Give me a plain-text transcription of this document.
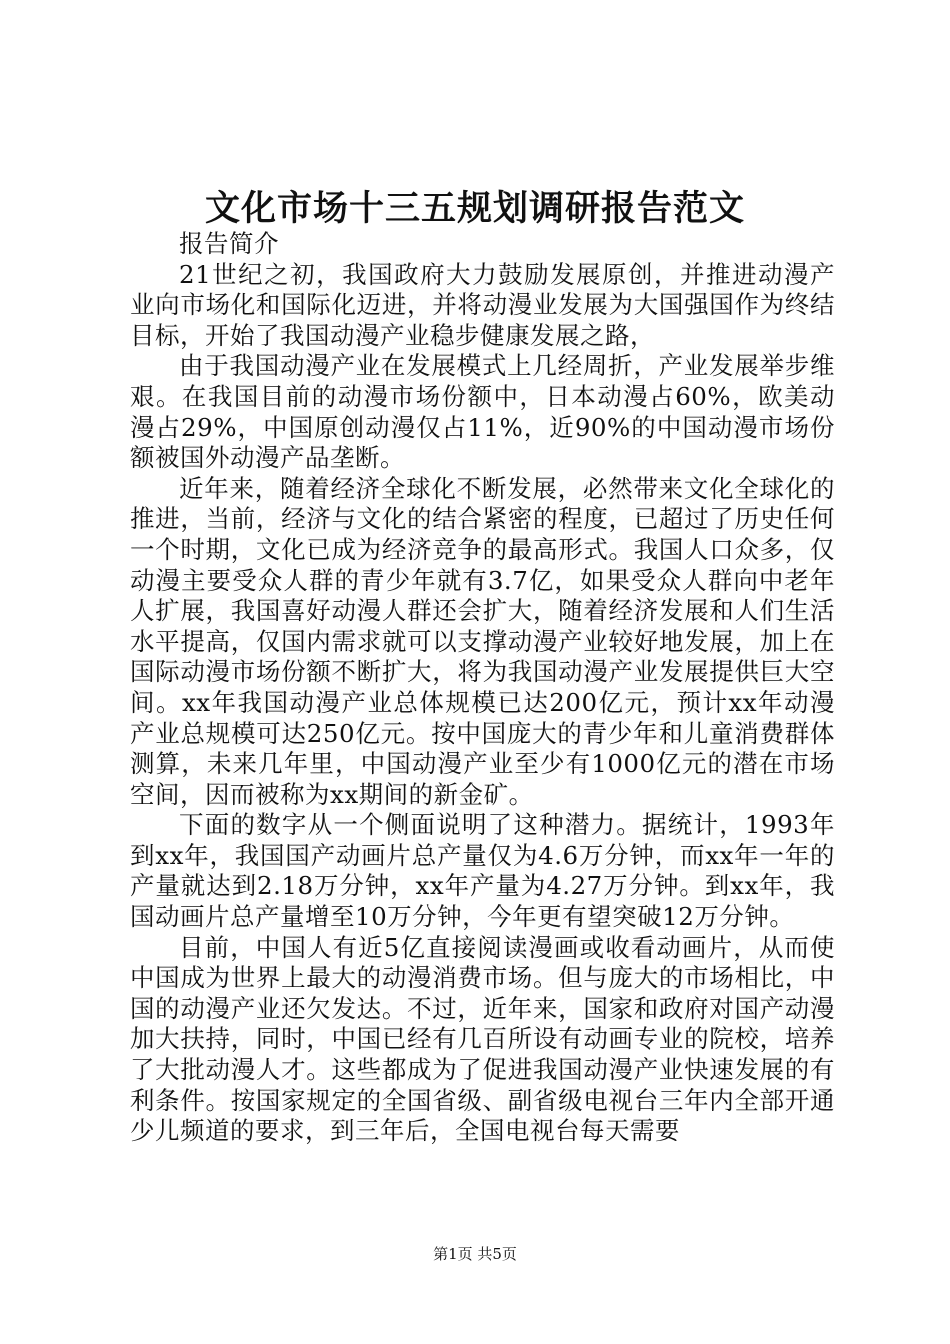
文化市场十三五规划调研报告范文

报告简介

21世纪之初，我国政府大力鼓励发展原创，并推进动漫产业向市场化和国际化迈进，并将动漫业发展为大国强国作为终结目标，开始了我国动漫产业稳步健康发展之路，

由于我国动漫产业在发展模式上几经周折，产业发展举步维艰。在我国目前的动漫市场份额中，日本动漫占60%，欧美动漫占29%，中国原创动漫仅占11%，近90%的中国动漫市场份额被国外动漫产品垄断。

近年来，随着经济全球化不断发展，必然带来文化全球化的推进，当前，经济与文化的结合紧密的程度，已超过了历史任何一个时期，文化已成为经济竞争的最高形式。我国人口众多，仅动漫主要受众人群的青少年就有3.7亿，如果受众人群向中老年人扩展，我国喜好动漫人群还会扩大，随着经济发展和人们生活水平提高，仅国内需求就可以支撑动漫产业较好地发展，加上在国际动漫市场份额不断扩大，将为我国动漫产业发展提供巨大空间。xx年我国动漫产业总体规模已达200亿元，预计xx年动漫产业总规模可达250亿元。按中国庞大的青少年和儿童消费群体测算，未来几年里，中国动漫产业至少有1000亿元的潜在市场空间，因而被称为xx期间的新金矿。

下面的数字从一个侧面说明了这种潜力。据统计，1993年到xx年，我国国产动画片总产量仅为4.6万分钟，而xx年一年的产量就达到2.18万分钟，xx年产量为4.27万分钟。到xx年，我国动画片总产量增至10万分钟，今年更有望突破12万分钟。

目前，中国人有近5亿直接阅读漫画或收看动画片，从而使中国成为世界上最大的动漫消费市场。但与庞大的市场相比，中国的动漫产业还欠发达。不过，近年来，国家和政府对国产动漫加大扶持，同时，中国已经有几百所设有动画专业的院校，培养了大批动漫人才。这些都成为了促进我国动漫产业快速发展的有利条件。按国家规定的全国省级、副省级电视台三年内全部开通少儿频道的要求，到三年后，全国电视台每天需要

第1页 共5页
